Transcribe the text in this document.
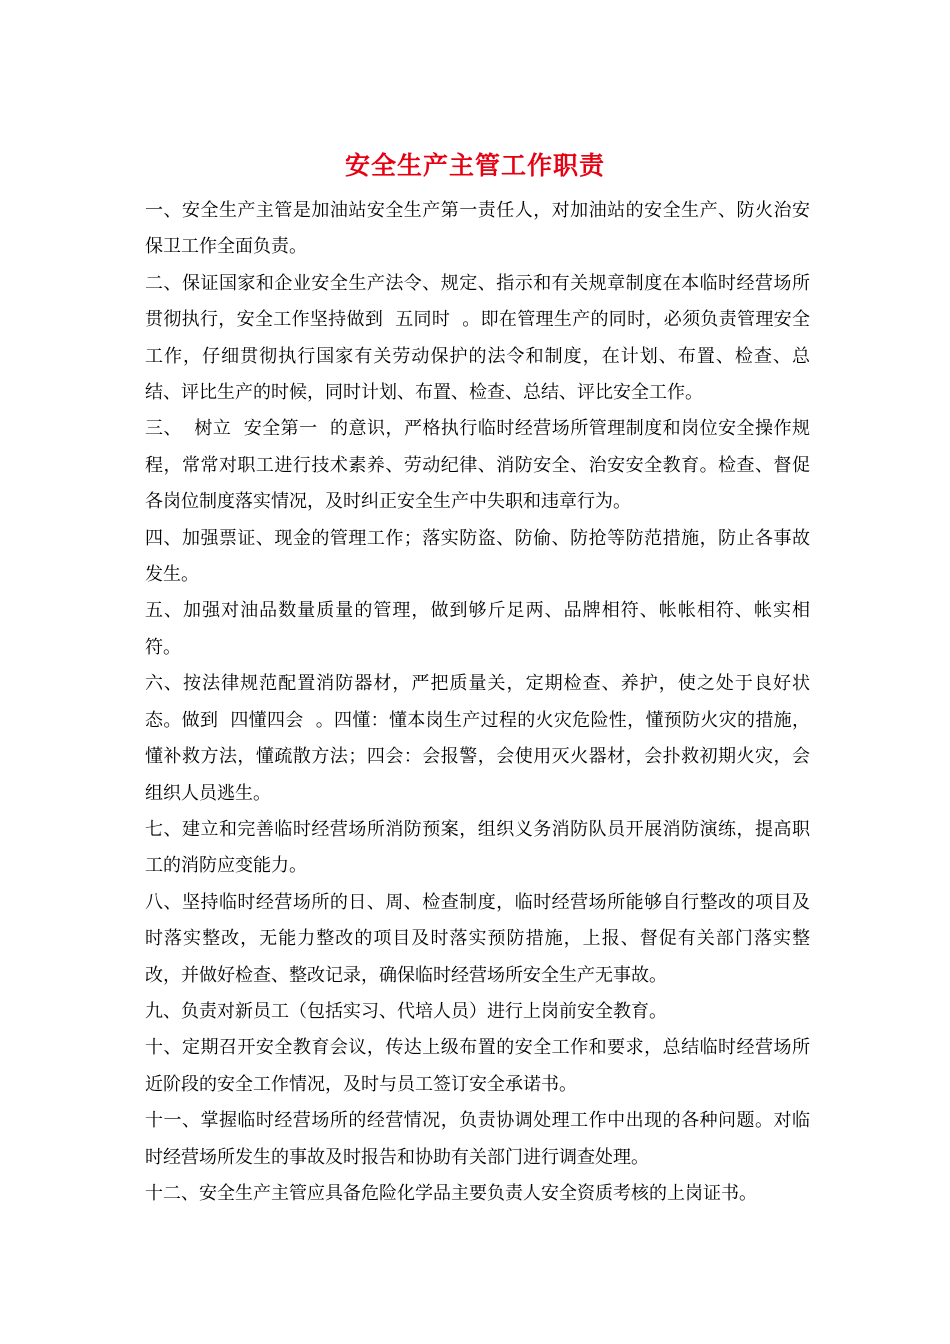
安全生产主管工作职责

一、安全生产主管是加油站安全生产第一责任人，对加油站的安全生产、防火治安保卫工作全面负责。

二、保证国家和企业安全生产法令、规定、指示和有关规章制度在本临时经营场所贯彻执行，安全工作坚持做到  五同时  。即在管理生产的同时，必须负责管理安全工作，仔细贯彻执行国家有关劳动保护的法令和制度，在计划、布置、检查、总结、评比生产的时候，同时计划、布置、检查、总结、评比安全工作。

三、  树立  安全第一  的意识，严格执行临时经营场所管理制度和岗位安全操作规程，常常对职工进行技术素养、劳动纪律、消防安全、治安安全教育。检查、督促各岗位制度落实情况，及时纠正安全生产中失职和违章行为。

四、加强票证、现金的管理工作；落实防盗、防偷、防抢等防范措施，防止各事故发生。

五、加强对油品数量质量的管理，做到够斤足两、品牌相符、帐帐相符、帐实相符。

六、按法律规范配置消防器材，严把质量关，定期检查、养护，使之处于良好状态。做到  四懂四会  。四懂：懂本岗生产过程的火灾危险性，懂预防火灾的措施，懂补救方法，懂疏散方法；四会：会报警，会使用灭火器材，会扑救初期火灾，会组织人员逃生。

七、建立和完善临时经营场所消防预案，组织义务消防队员开展消防演练，提高职工的消防应变能力。

八、坚持临时经营场所的日、周、检查制度，临时经营场所能够自行整改的项目及时落实整改，无能力整改的项目及时落实预防措施，上报、督促有关部门落实整改，并做好检查、整改记录，确保临时经营场所安全生产无事故。

九、负责对新员工（包括实习、代培人员）进行上岗前安全教育。

十、定期召开安全教育会议，传达上级布置的安全工作和要求，总结临时经营场所近阶段的安全工作情况，及时与员工签订安全承诺书。

十一、掌握临时经营场所的经营情况，负责协调处理工作中出现的各种问题。对临时经营场所发生的事故及时报告和协助有关部门进行调查处理。

十二、安全生产主管应具备危险化学品主要负责人安全资质考核的上岗证书。
